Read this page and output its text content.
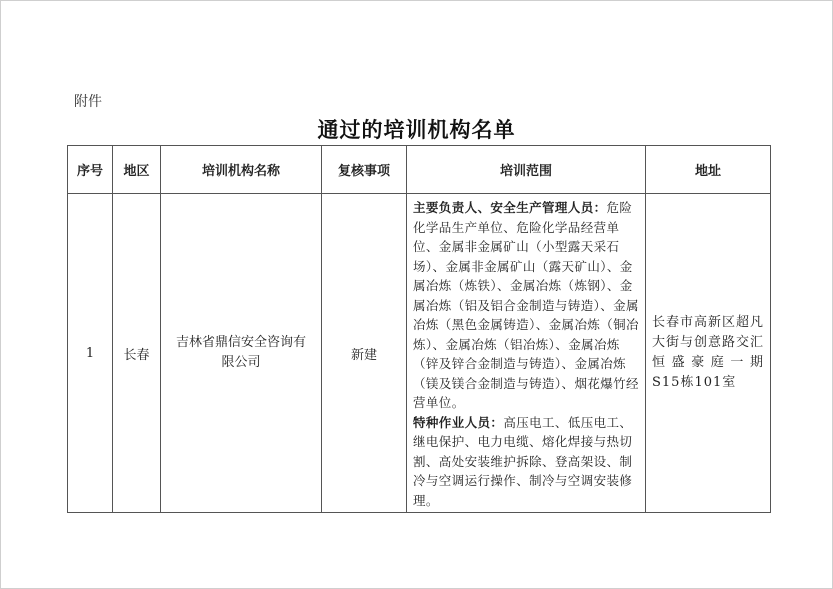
附件
通过的培训机构名单
序号	地区	培训机构名称	复核事项	培训范围	地址
1	长春	吉林省鼎信安全咨询有限公司	新建	主要负责人、安全生产管理人员：危险化学品生产单位、危险化学品经营单位、金属非金属矿山（小型露天采石场）、金属非金属矿山（露天矿山）、金属冶炼（炼铁）、金属冶炼（炼钢）、金属冶炼（铝及铝合金制造与铸造）、金属冶炼（黑色金属铸造）、金属冶炼（铜冶炼）、金属冶炼（铝冶炼）、金属冶炼（锌及锌合金制造与铸造）、金属冶炼（镁及镁合金制造与铸造）、烟花爆竹经营单位。
特种作业人员：高压电工、低压电工、继电保护、电力电缆、熔化焊接与热切割、高处安装维护拆除、登高架设、制冷与空调运行操作、制冷与空调安装修理。	长春市高新区超凡大街与创意路交汇恒盛豪庭一期S15栋101室
